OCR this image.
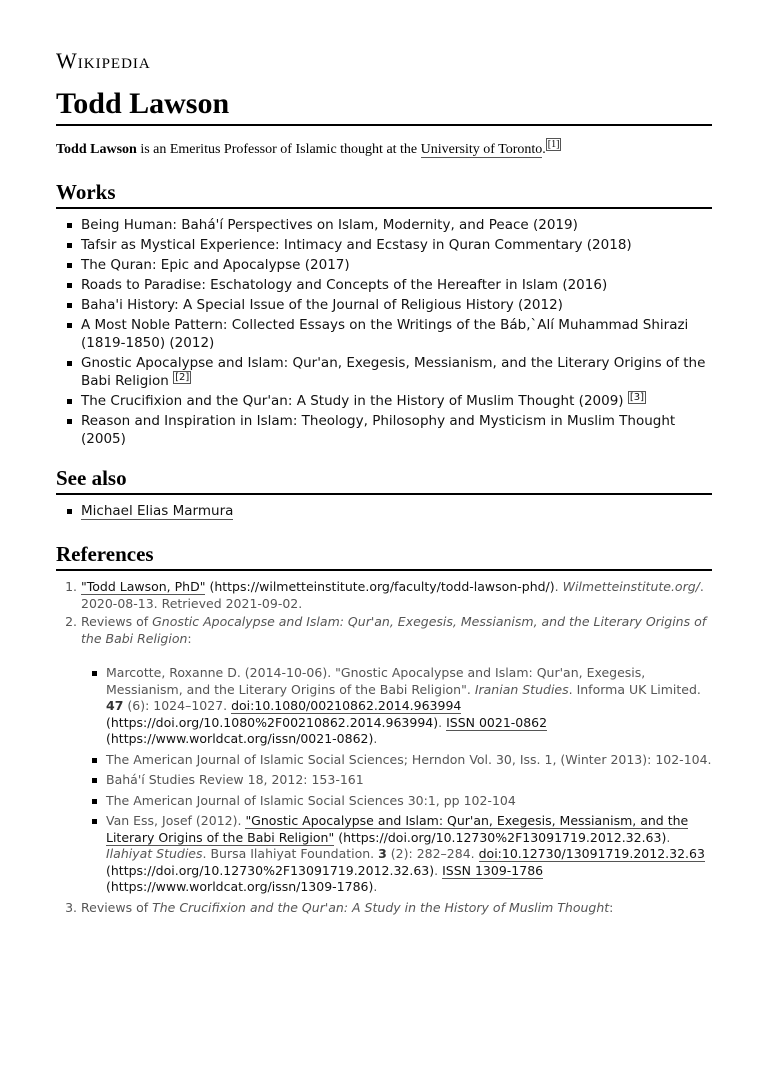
Wikipedia
Todd Lawson

Todd Lawson is an Emeritus Professor of Islamic thought at the University of Toronto. [1]

Works
Being Human: Bahá'í Perspectives on Islam, Modernity, and Peace (2019)
Tafsir as Mystical Experience: Intimacy and Ecstasy in Quran Commentary (2018)
The Quran: Epic and Apocalypse (2017)
Roads to Paradise: Eschatology and Concepts of the Hereafter in Islam (2016)
Baha'i History: A Special Issue of the Journal of Religious History (2012)
A Most Noble Pattern: Collected Essays on the Writings of the Báb,`Alí Muhammad Shirazi (1819-1850) (2012)
Gnostic Apocalypse and Islam: Qur'an, Exegesis, Messianism, and the Literary Origins of the Babi Religion [2]
The Crucifixion and the Qur'an: A Study in the History of Muslim Thought (2009) [3]
Reason and Inspiration in Islam: Theology, Philosophy and Mysticism in Muslim Thought (2005)
See also
Michael Elias Marmura
References
1. "Todd Lawson, PhD" (https://wilmetteinstitute.org/faculty/todd-lawson-phd/). Wilmetteinstitute.org/. 2020-08-13. Retrieved 2021-09-02.
2. Reviews of Gnostic Apocalypse and Islam: Qur'an, Exegesis, Messianism, and the Literary Origins of the Babi Religion:
Marcotte, Roxanne D. (2014-10-06). "Gnostic Apocalypse and Islam: Qur'an, Exegesis, Messianism, and the Literary Origins of the Babi Religion". Iranian Studies. Informa UK Limited. 47 (6): 1024–1027. doi:10.1080/00210862.2014.963994 (https://doi.org/10.1080%2F00210862.2014.963994). ISSN 0021-0862 (https://www.worldcat.org/issn/0021-0862).
The American Journal of Islamic Social Sciences; Herndon Vol. 30, Iss. 1, (Winter 2013): 102-104.
Bahá'í Studies Review 18, 2012: 153-161
The American Journal of Islamic Social Sciences 30:1, pp 102-104
Van Ess, Josef (2012). "Gnostic Apocalypse and Islam: Qur'an, Exegesis, Messianism, and the Literary Origins of the Babi Religion" (https://doi.org/10.12730%2F13091719.2012.32.63). Ilahiyat Studies. Bursa Ilahiyat Foundation. 3 (2): 282–284. doi:10.12730/13091719.2012.32.63 (https://doi.org/10.12730%2F13091719.2012.32.63). ISSN 1309-1786 (https://www.worldcat.org/issn/1309-1786).
3. Reviews of The Crucifixion and the Qur'an: A Study in the History of Muslim Thought:
